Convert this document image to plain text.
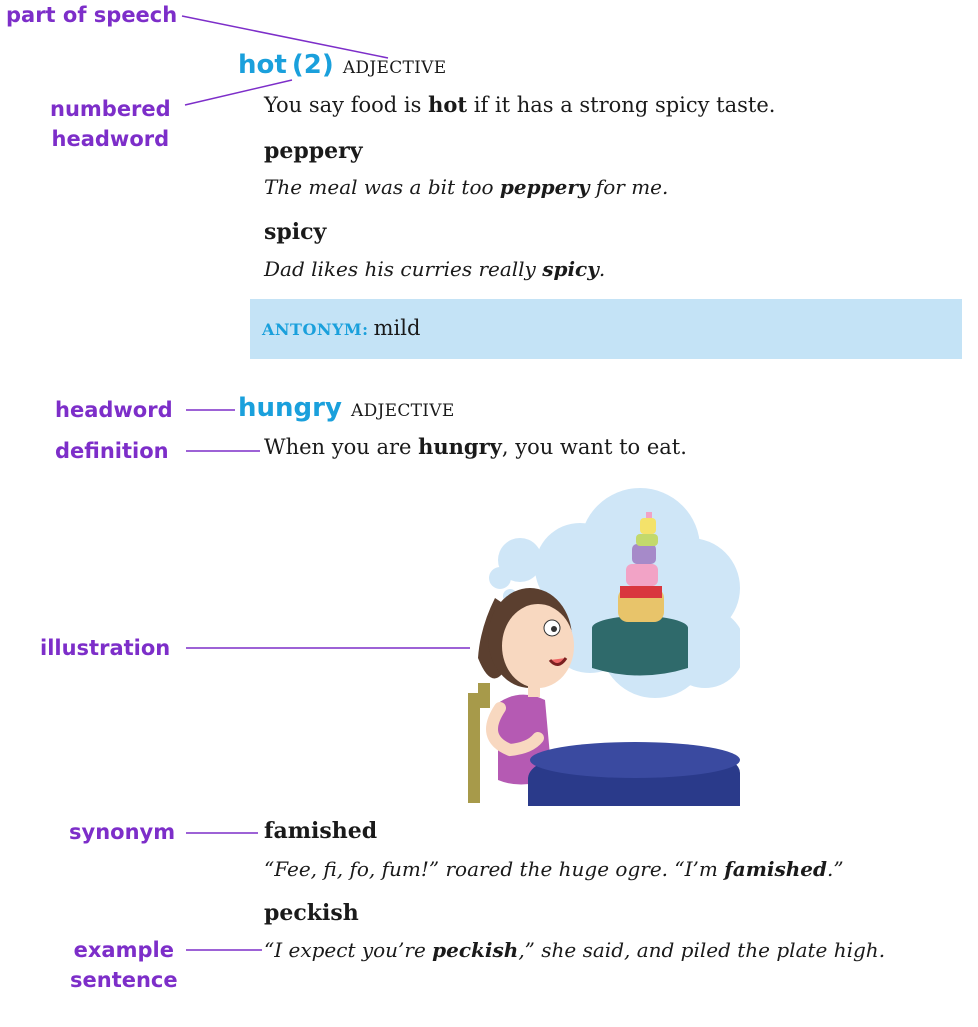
part of speech
numbered
headword
headword
definition
illustration
synonym
example
sentence
hot (2) ADJECTIVE
You say food is hot if it has a strong spicy taste.
peppery
The meal was a bit too peppery for me.
spicy
Dad likes his curries really spicy.
ANTONYM: mild
hungry ADJECTIVE
When you are hungry, you want to eat.
famished
“Fee, fi, fo, fum!” roared the huge ogre. “I’m famished.”
peckish
“I expect you’re peckish,” she said, and piled the plate high.
